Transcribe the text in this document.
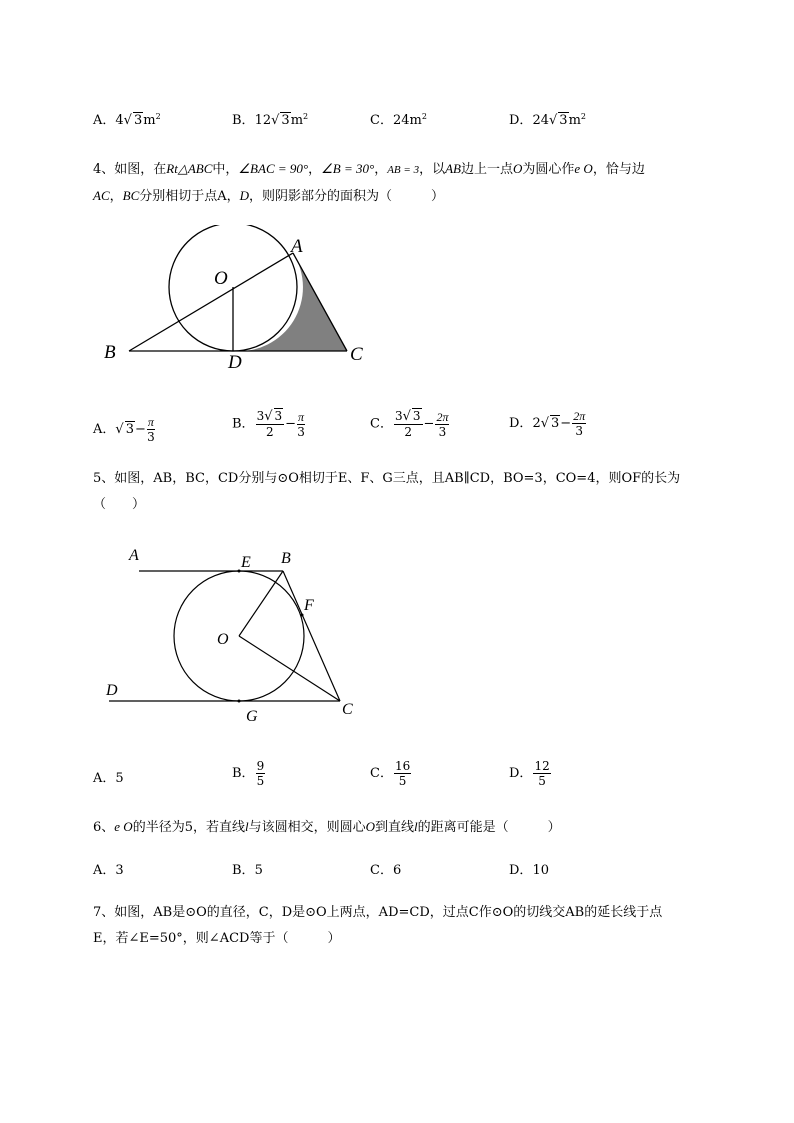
A．4√ $3m^2$	B．12√ $3m^2$	C．$24m^2$	D．24√ $3m^2$
4、如图，在Rt△ABC中，∠BAC = 90°，∠B = 30°，AB = 3，以AB边上一点O为圆心作e O，恰与边
AC，BC分别相切于点A，D，则阴影部分的面积为（　　　）
A
O
B	D	C
A．√ $3- \frac{\pi}{3}$	B． $\frac{3√ 3}{2} - \frac{\pi}{3}$	C． $\frac{3√ 3}{2} - \frac{2\pi}{3}$	D．2√ $3- \frac{2\pi}{3}$
5、如图，AB，BC，CD分别与⊙O相切于E、F、G三点，且AB∥CD，BO=3，CO=4，则OF的长为
（　　）
A	E B
F
O
D
G	C
A．5	B． $\frac{9}{5}$	C． $\frac{16}{5}$	D． $\frac{12}{5}$
6、e O的半径为5，若直线l与该圆相交，则圆心O到直线l的距离可能是（　　　）
A．3	B．5	C．6	D．10
7、如图，AB是⊙O的直径，C，D是⊙O上两点，AD=CD，过点C作⊙O的切线交AB的延长线于点
E，若∠E=50°，则∠ACD等于（　　　）
